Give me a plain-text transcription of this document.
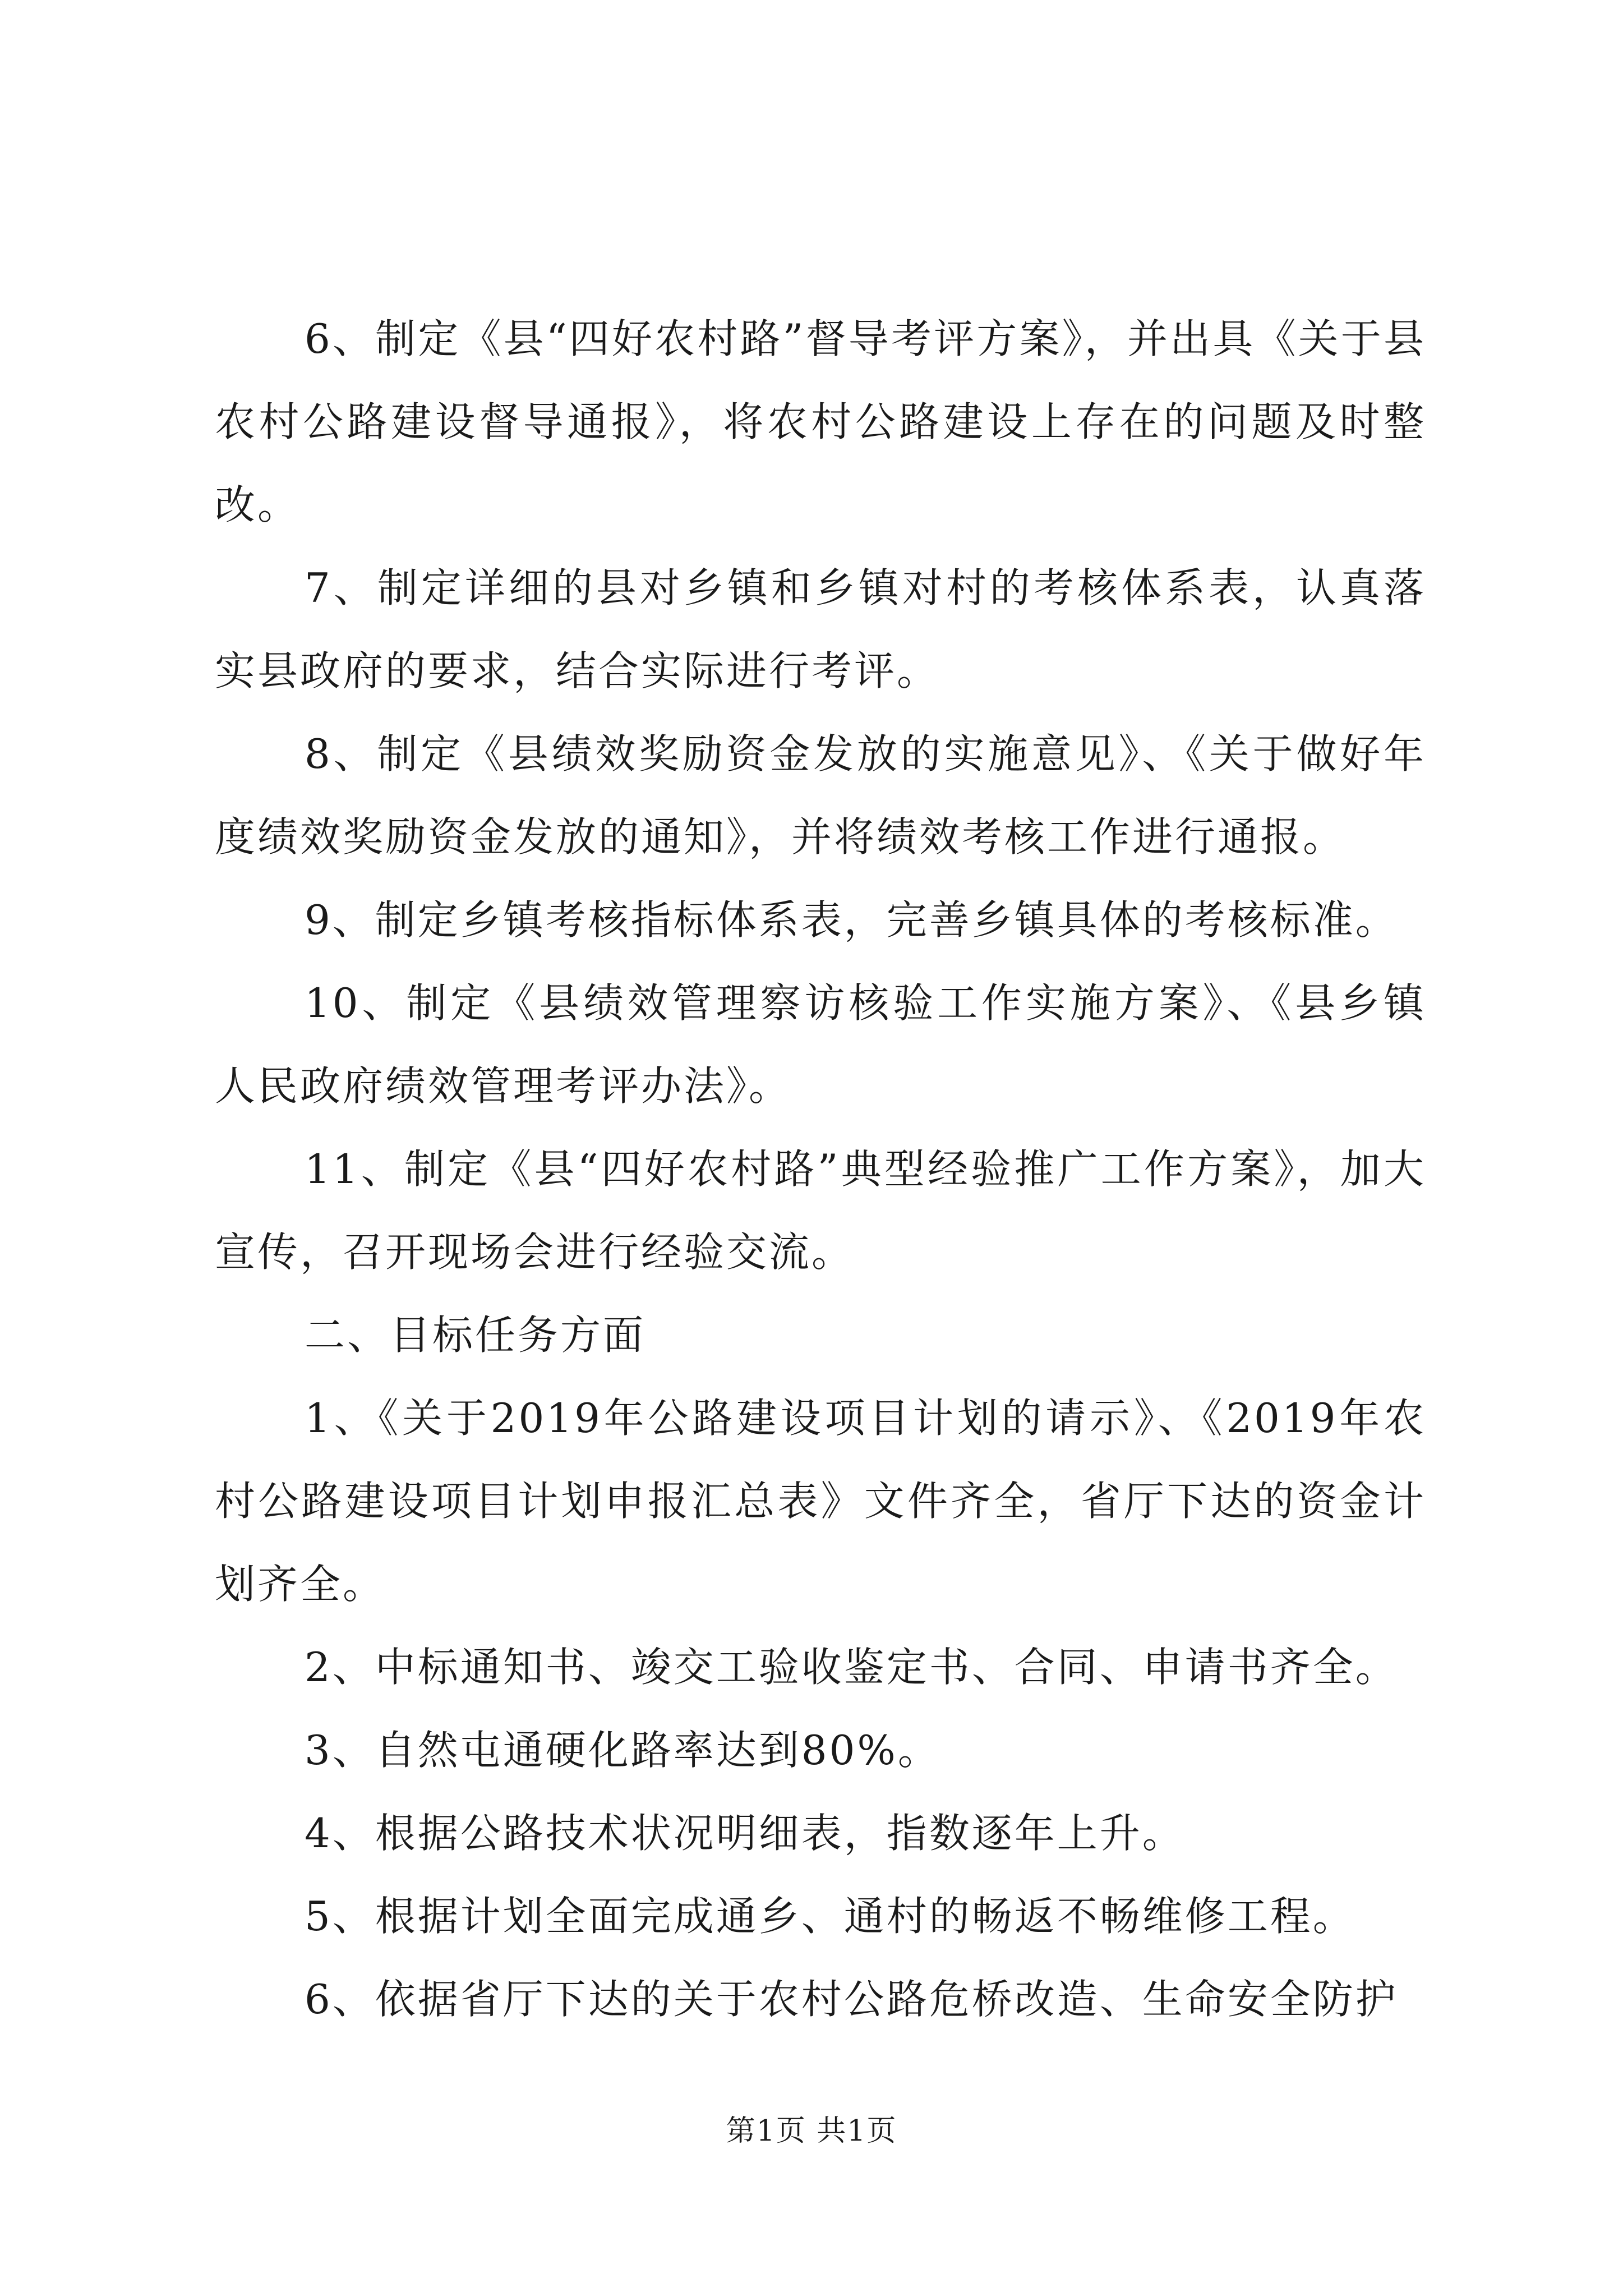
6、制定《县“四好农村路”督导考评方案》，并出具《关于县农村公路建设督导通报》，将农村公路建设上存在的问题及时整改。

7、制定详细的县对乡镇和乡镇对村的考核体系表，认真落实县政府的要求，结合实际进行考评。

8、制定《县绩效奖励资金发放的实施意见》、《关于做好年度绩效奖励资金发放的通知》，并将绩效考核工作进行通报。

9、制定乡镇考核指标体系表，完善乡镇具体的考核标准。

10、制定《县绩效管理察访核验工作实施方案》、《县乡镇人民政府绩效管理考评办法》。

11、制定《县“四好农村路”典型经验推广工作方案》，加大宣传，召开现场会进行经验交流。

二、目标任务方面

1、《关于2019年公路建设项目计划的请示》、《2019年农村公路建设项目计划申报汇总表》文件齐全，省厅下达的资金计划齐全。

2、中标通知书、竣交工验收鉴定书、合同、申请书齐全。

3、自然屯通硬化路率达到80%。

4、根据公路技术状况明细表，指数逐年上升。

5、根据计划全面完成通乡、通村的畅返不畅维修工程。

6、依据省厅下达的关于农村公路危桥改造、生命安全防护

第1页 共1页
